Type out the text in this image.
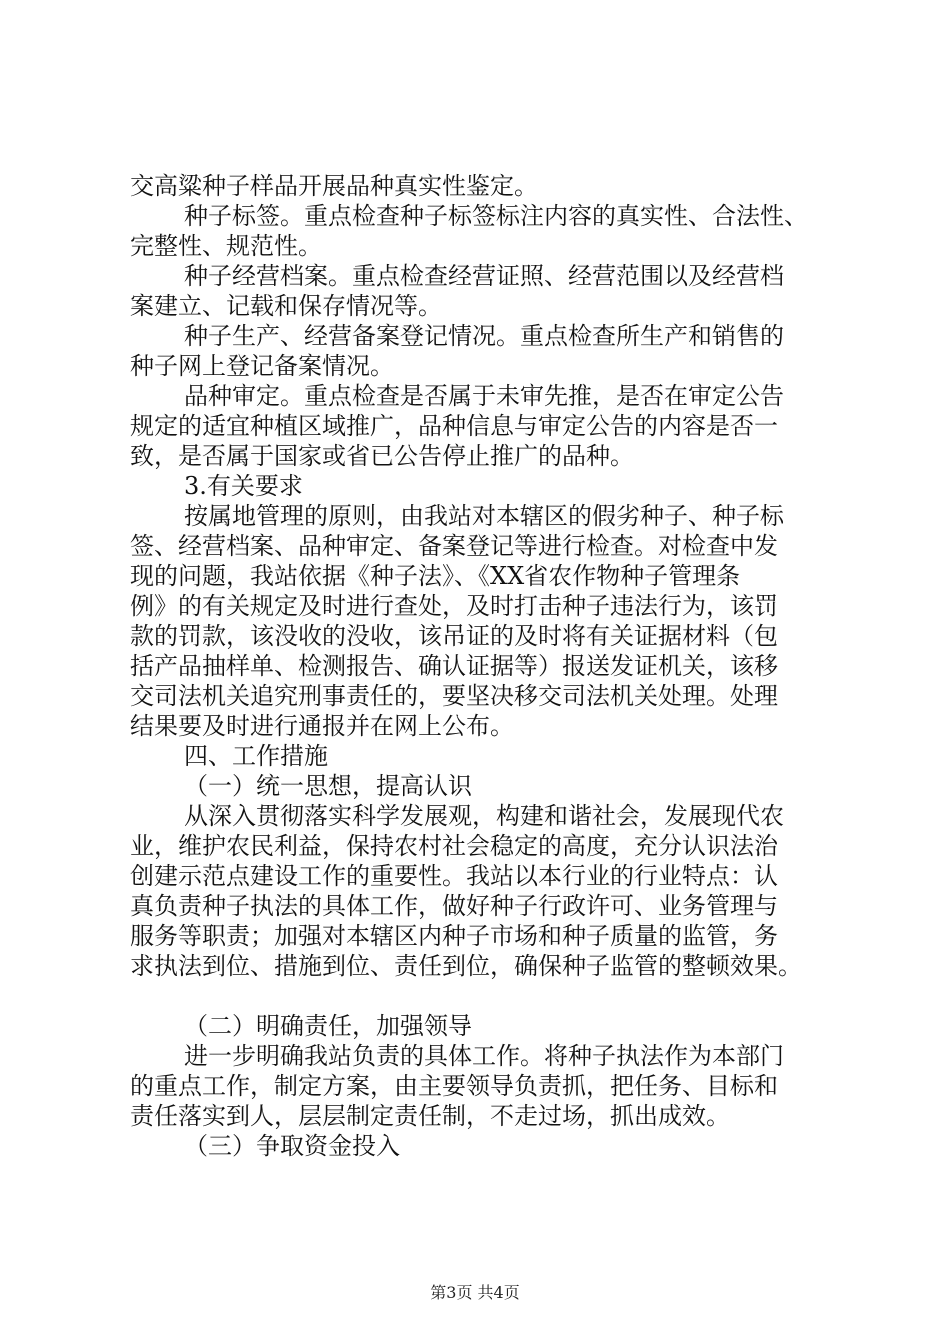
交高粱种子样品开展品种真实性鉴定。
种子标签。重点检查种子标签标注内容的真实性、合法性、
完整性、规范性。
种子经营档案。重点检查经营证照、经营范围以及经营档
案建立、记载和保存情况等。
种子生产、经营备案登记情况。重点检查所生产和销售的
种子网上登记备案情况。
品种审定。重点检查是否属于未审先推，是否在审定公告
规定的适宜种植区域推广，品种信息与审定公告的内容是否一
致，是否属于国家或省已公告停止推广的品种。
3.有关要求
按属地管理的原则，由我站对本辖区的假劣种子、种子标
签、经营档案、品种审定、备案登记等进行检查。对检查中发
现的问题，我站依据《种子法》、《XX省农作物种子管理条
例》的有关规定及时进行查处，及时打击种子违法行为，该罚
款的罚款，该没收的没收，该吊证的及时将有关证据材料（包
括产品抽样单、检测报告、确认证据等）报送发证机关，该移
交司法机关追究刑事责任的，要坚决移交司法机关处理。处理
结果要及时进行通报并在网上公布。
四、工作措施
（一）统一思想，提高认识
从深入贯彻落实科学发展观，构建和谐社会，发展现代农
业，维护农民利益，保持农村社会稳定的高度，充分认识法治
创建示范点建设工作的重要性。我站以本行业的行业特点：认
真负责种子执法的具体工作，做好种子行政许可、业务管理与
服务等职责；加强对本辖区内种子市场和种子质量的监管，务
求执法到位、措施到位、责任到位，确保种子监管的整顿效果。
（二）明确责任，加强领导
进一步明确我站负责的具体工作。将种子执法作为本部门
的重点工作，制定方案，由主要领导负责抓，把任务、目标和
责任落实到人，层层制定责任制，不走过场，抓出成效。
（三）争取资金投入
第3页 共4页
